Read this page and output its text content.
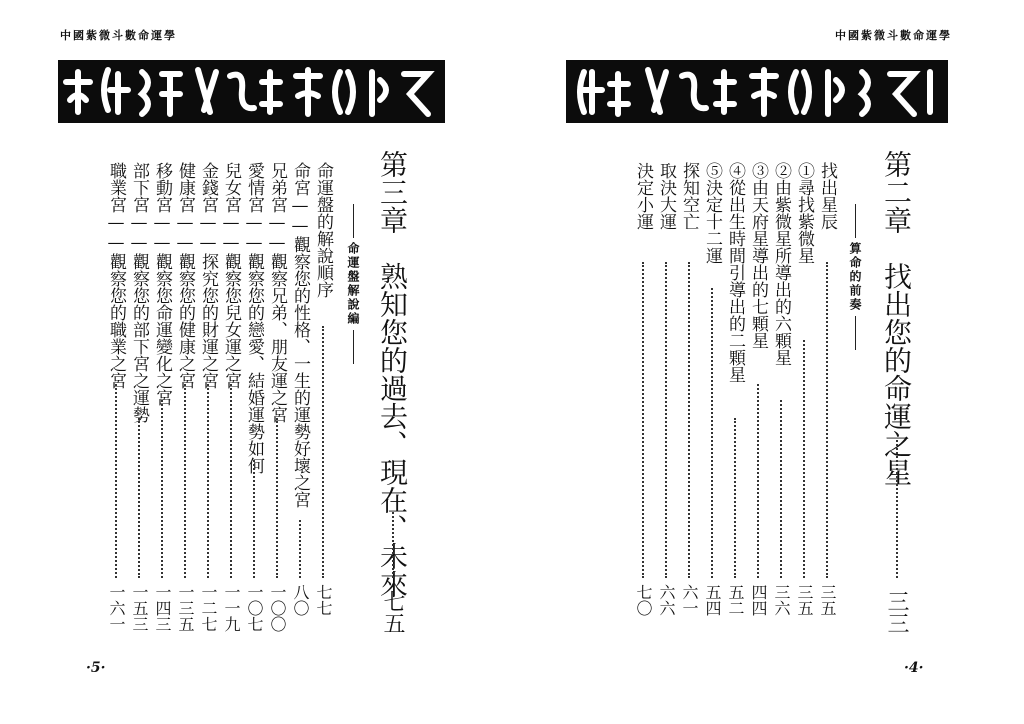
中國紫微斗數命運學
第三章　熟知您的過去、現在、未來
七五
命運盤解說編
命運盤的解說順序
七七
命宮——觀察您的性格、一生的運勢好壞之宮
八〇
兄弟宮——觀察兄弟、朋友運之宮
一〇〇
愛情宮——觀察您的戀愛、結婚運勢如何
一〇七
兒女宮——觀察您兒女運之宮
一一九
金錢宮——探究您的財運之宮
一二七
健康宮——觀察您的健康之宮
一三五
移動宮——觀察您命運變化之宮
一四三
部下宮——觀察您的部下宮之運勢
一五三
職業宮——觀察您的職業之宮
一六一
·5·
中國紫微斗數命運學
第二章　找出您的命運之星
三三
算命的前奏
找出星辰
三五
①尋找紫微星
三五
②由紫微星所導出的六顆星
三六
③由天府星導出的七顆星
四四
④從出生時間引導出的二顆星
五二
⑤決定十二運
五四
探知空亡
六一
取決大運
六六
決定小運
七〇
·4·
